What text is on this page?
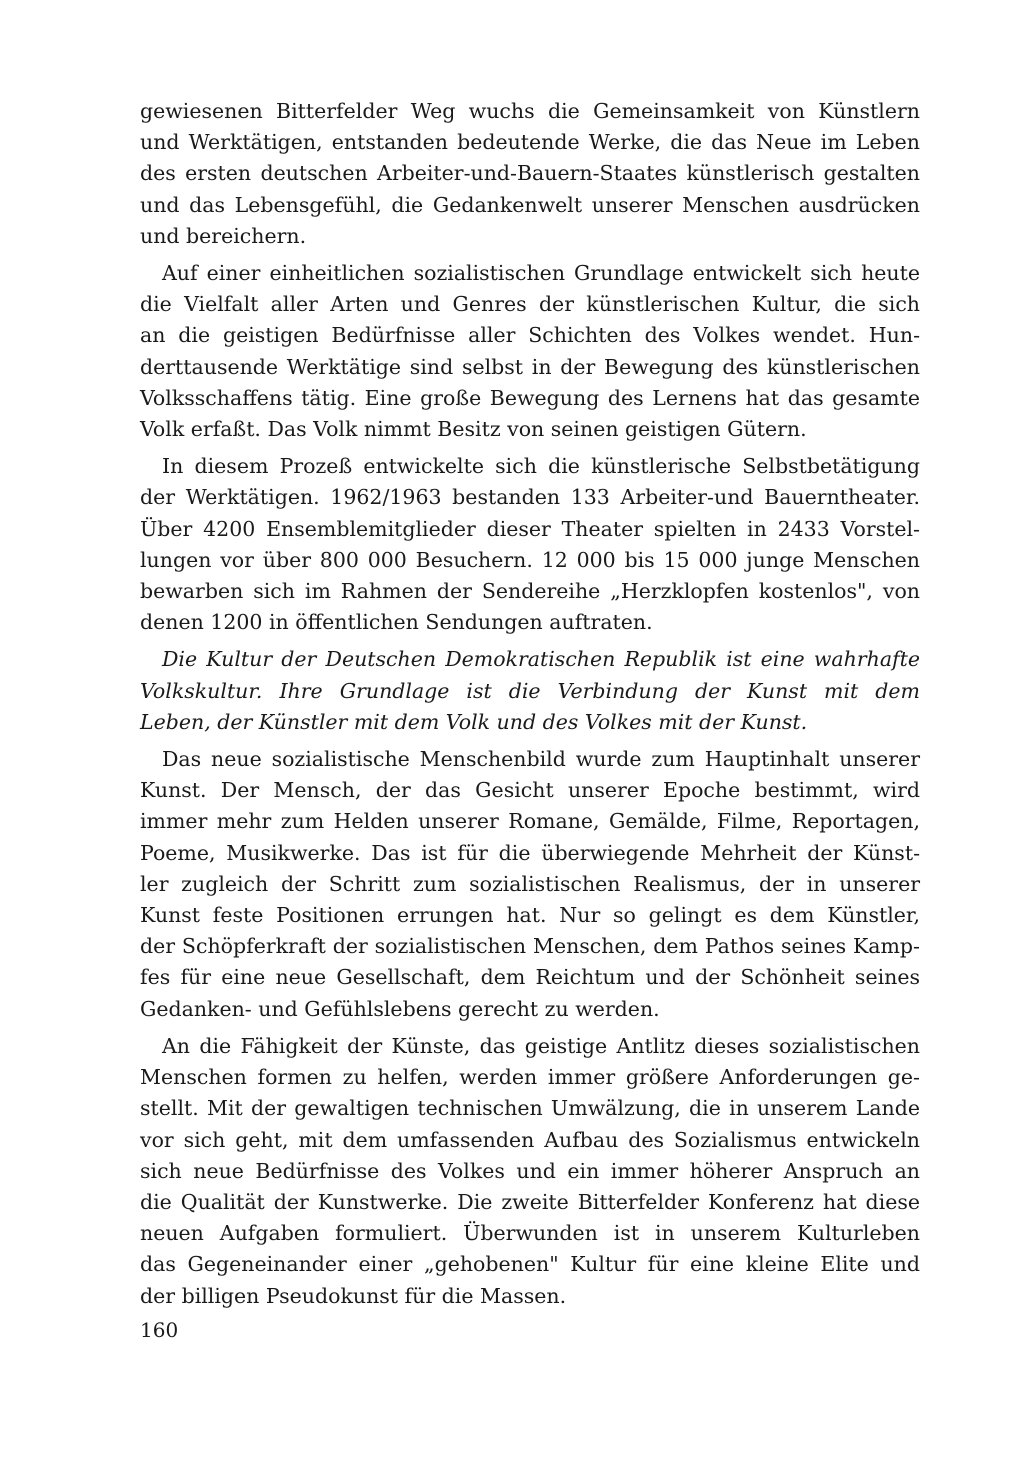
gewiesenen Bitterfelder Weg wuchs die Gemeinsamkeit von Künstlern
und Werktätigen, entstanden bedeutende Werke, die das Neue im Leben
des ersten deutschen Arbeiter-und-Bauern-Staates künstlerisch gestalten
und das Lebensgefühl, die Gedankenwelt unserer Menschen ausdrücken
und bereichern.

Auf einer einheitlichen sozialistischen Grundlage entwickelt sich heute
die Vielfalt aller Arten und Genres der künstlerischen Kultur, die sich
an die geistigen Bedürfnisse aller Schichten des Volkes wendet. Hun-
derttausende Werktätige sind selbst in der Bewegung des künstlerischen
Volksschaffens tätig. Eine große Bewegung des Lernens hat das gesamte
Volk erfaßt. Das Volk nimmt Besitz von seinen geistigen Gütern.

In diesem Prozeß entwickelte sich die künstlerische Selbstbetätigung
der Werktätigen. 1962/1963 bestanden 133 Arbeiter-und Bauerntheater.
Über 4200 Ensemblemitglieder dieser Theater spielten in 2433 Vorstel-
lungen vor über 800 000 Besuchern. 12 000 bis 15 000 junge Menschen
bewarben sich im Rahmen der Sendereihe „Herzklopfen kostenlos", von
denen 1200 in öffentlichen Sendungen auftraten.

Die Kultur der Deutschen Demokratischen Republik ist eine wahrhafte
Volkskultur. Ihre Grundlage ist die Verbindung der Kunst mit dem
Leben, der Künstler mit dem Volk und des Volkes mit der Kunst.

Das neue sozialistische Menschenbild wurde zum Hauptinhalt unserer
Kunst. Der Mensch, der das Gesicht unserer Epoche bestimmt, wird
immer mehr zum Helden unserer Romane, Gemälde, Filme, Reportagen,
Poeme, Musikwerke. Das ist für die überwiegende Mehrheit der Künst-
ler zugleich der Schritt zum sozialistischen Realismus, der in unserer
Kunst feste Positionen errungen hat. Nur so gelingt es dem Künstler,
der Schöpferkraft der sozialistischen Menschen, dem Pathos seines Kamp-
fes für eine neue Gesellschaft, dem Reichtum und der Schönheit seines
Gedanken- und Gefühlslebens gerecht zu werden.

An die Fähigkeit der Künste, das geistige Antlitz dieses sozialistischen
Menschen formen zu helfen, werden immer größere Anforderungen ge-
stellt. Mit der gewaltigen technischen Umwälzung, die in unserem Lande
vor sich geht, mit dem umfassenden Aufbau des Sozialismus entwickeln
sich neue Bedürfnisse des Volkes und ein immer höherer Anspruch an
die Qualität der Kunstwerke. Die zweite Bitterfelder Konferenz hat diese
neuen Aufgaben formuliert. Überwunden ist in unserem Kulturleben
das Gegeneinander einer „gehobenen" Kultur für eine kleine Elite und
der billigen Pseudokunst für die Massen.

160
